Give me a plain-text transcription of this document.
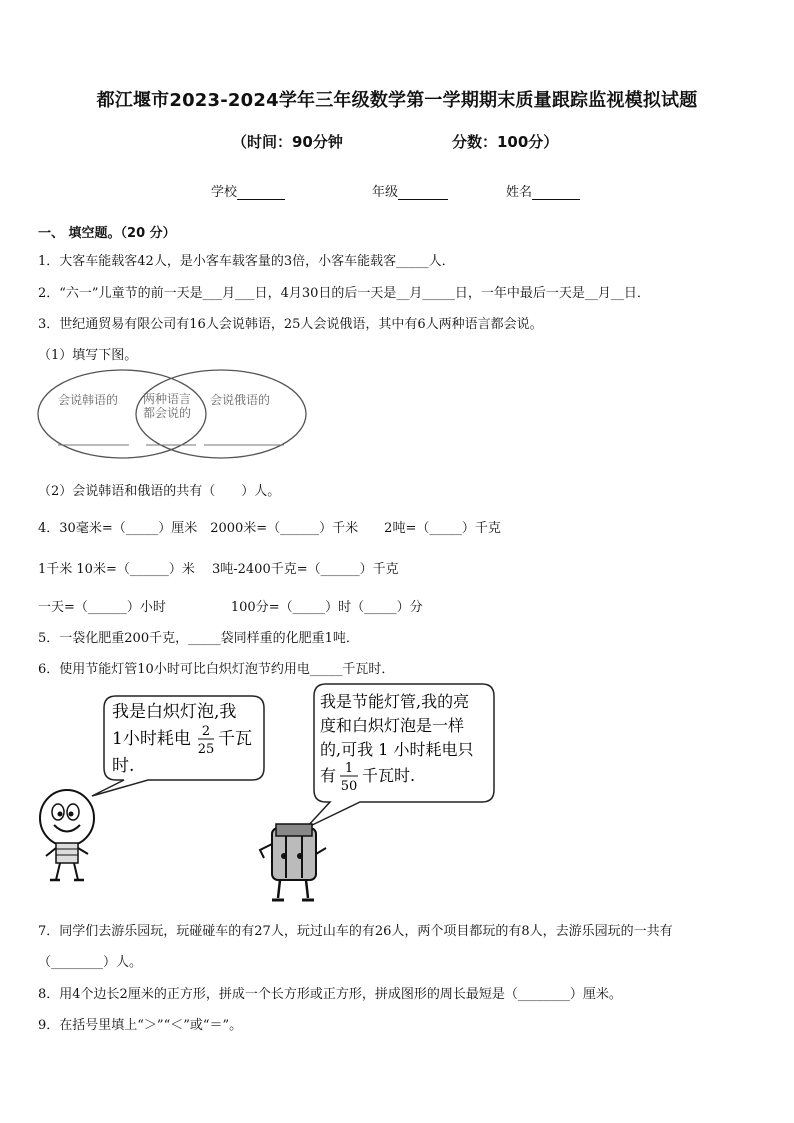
都江堰市2023-2024学年三年级数学第一学期期末质量跟踪监视模拟试题
（时间：90分钟	分数：100分）
学校	年级	姓名
一、 填空题。（20 分）
1．大客车能载客42人，是小客车载客量的3倍，小客车能载客_____人．
2．“六一”儿童节的前一天是___月___日，4月30日的后一天是__月_____日，一年中最后一天是__月__日．
3．世纪通贸易有限公司有16人会说韩语，25人会说俄语，其中有6人两种语言都会说。
（1）填写下图。
会说韩语的 两种语言
都会说的
会说俄语的
（2）会说韩语和俄语的共有（　　）人。
4．30毫米=（_____）厘米　2000米=（______）千米　　2吨=（_____）千克
1千米 10米=（______）米　 3吨-2400千克=（______）千克
一天=（______）小时　　　　　100分=（_____）时（_____）分
5．一袋化肥重200千克，_____袋同样重的化肥重1吨．
6．使用节能灯管10小时可比白炽灯泡节约用电_____千瓦时．
我是白炽灯泡,我
1小时耗电 2
25
千瓦
时.
我是节能灯管,我的亮
度和白炽灯泡是一样
的,可我 1 小时耗电只
有 1
50
千瓦时.
7．同学们去游乐园玩，玩碰碰车的有27人，玩过山车的有26人，两个项目都玩的有8人，去游乐园玩的一共有
（________）人。
8．用4个边长2厘米的正方形，拼成一个长方形或正方形，拼成图形的周长最短是（________）厘米。
9．在括号里填上“＞”“＜”或“＝”。
